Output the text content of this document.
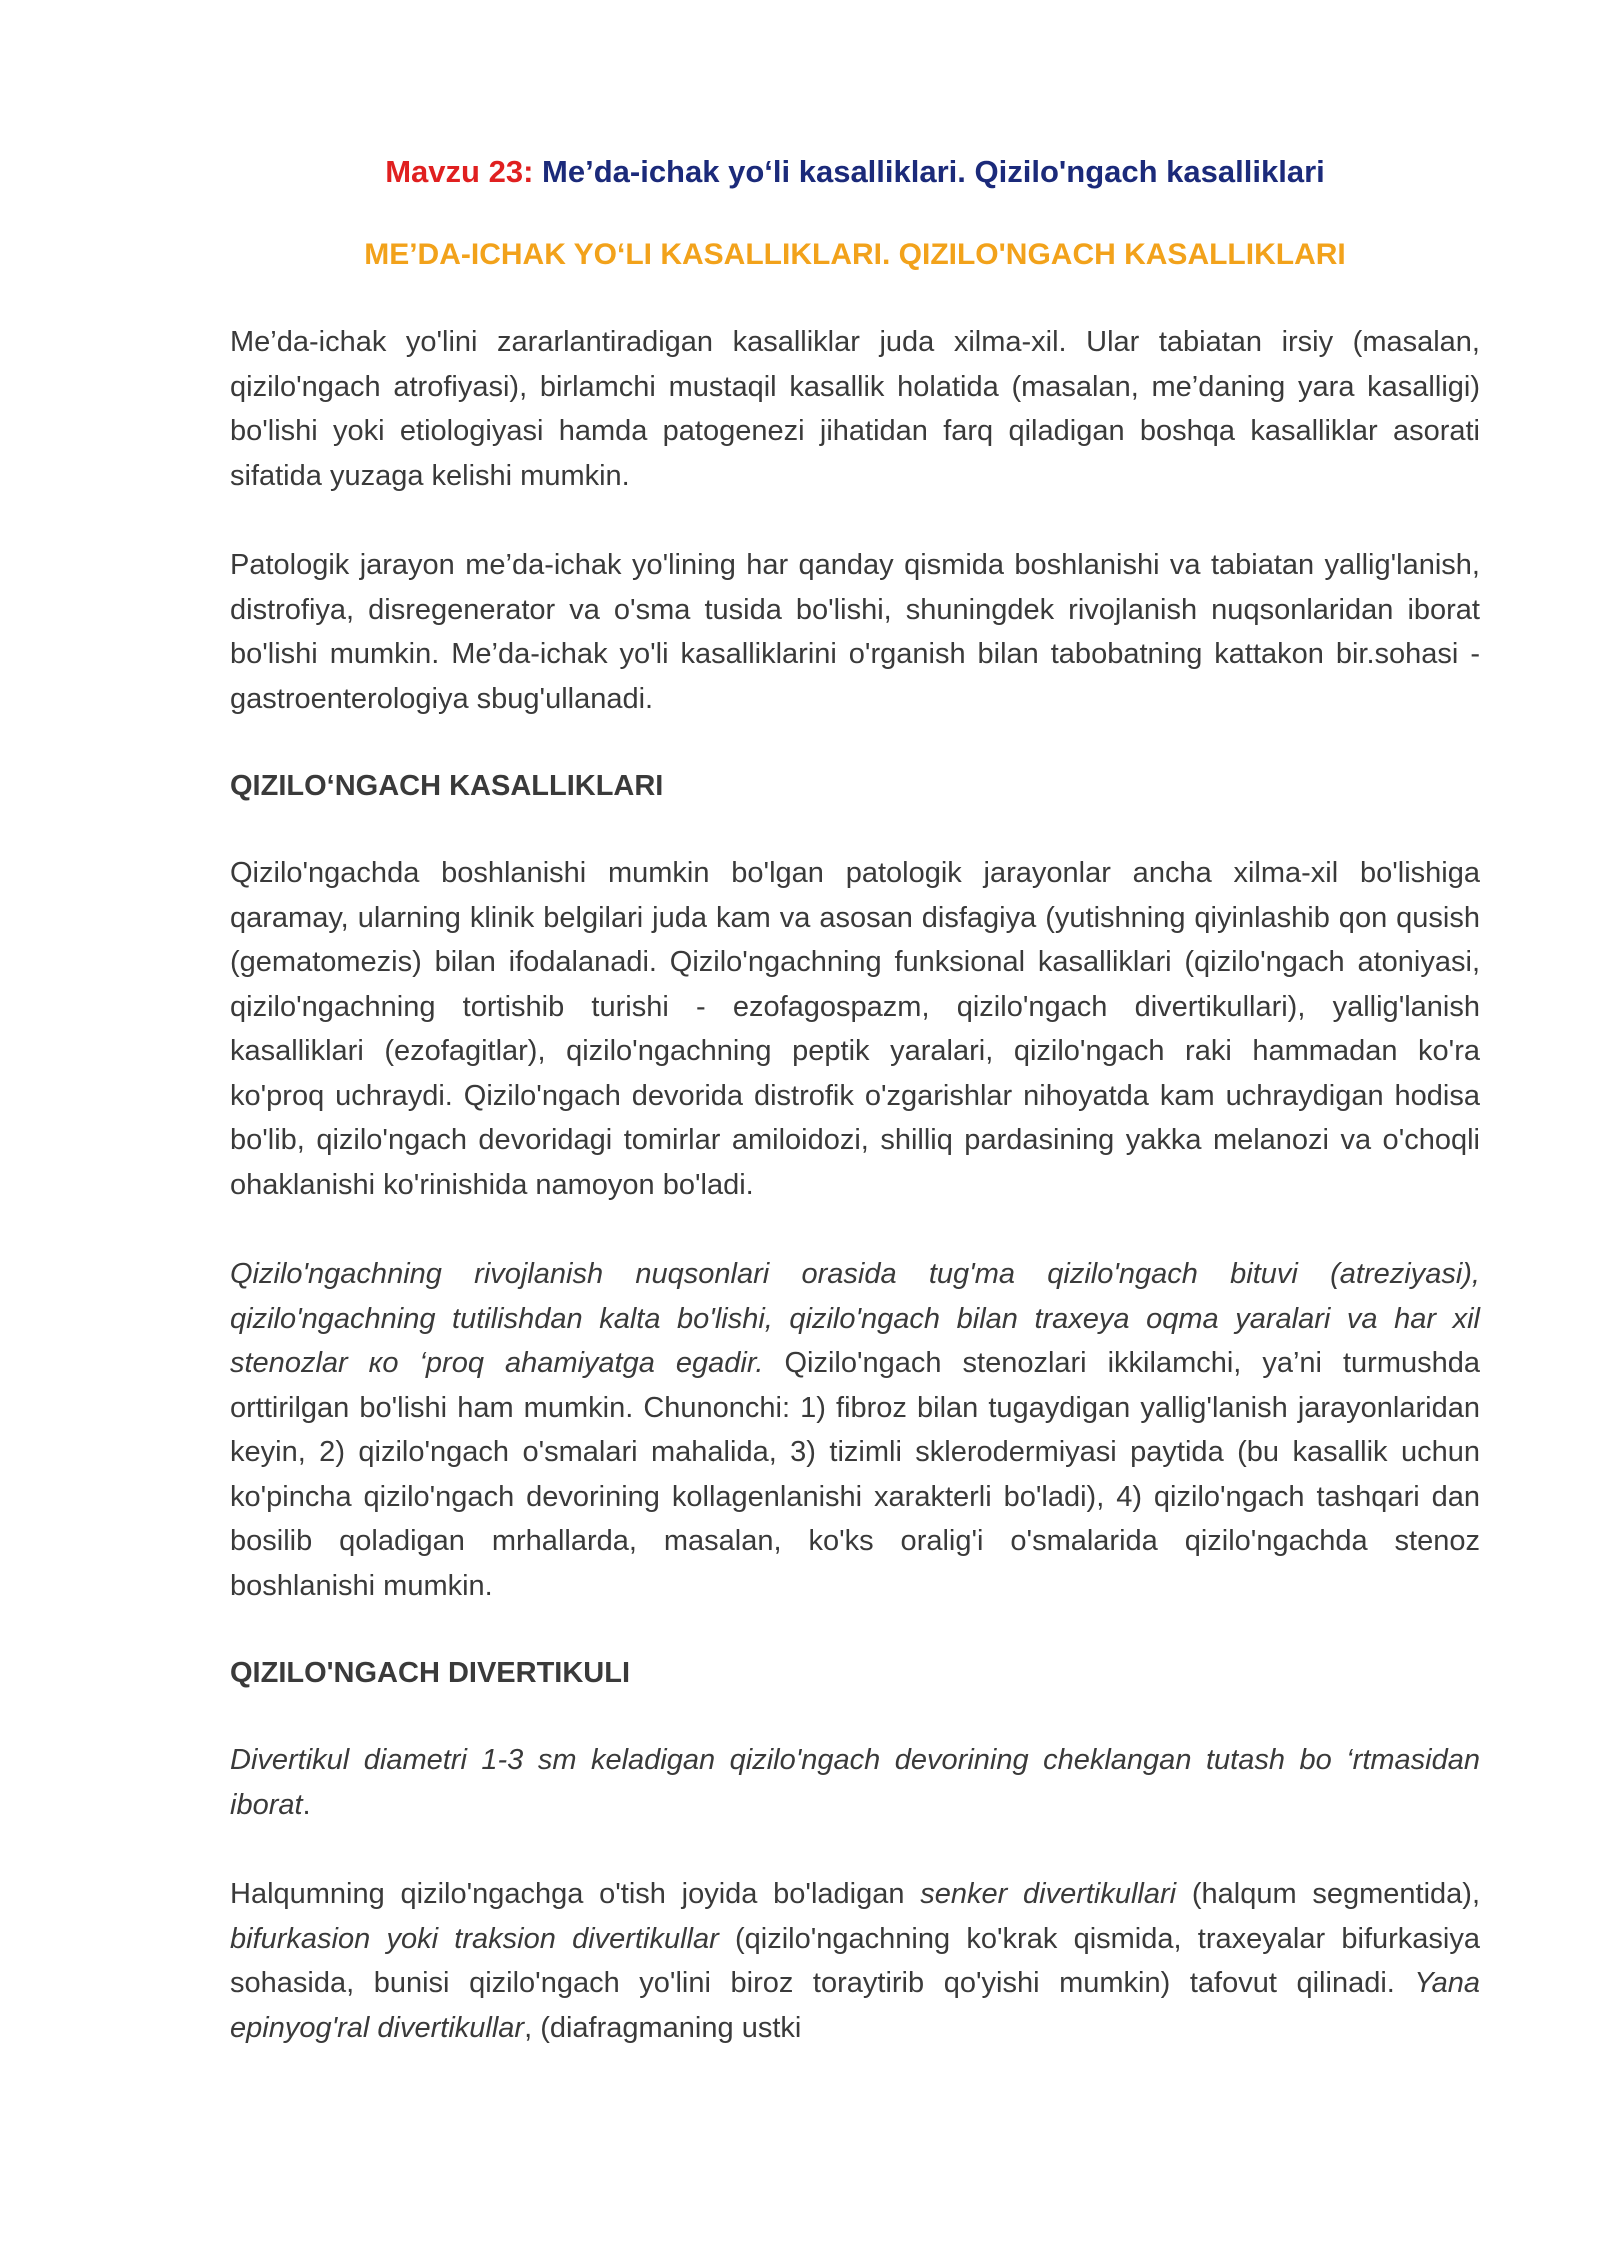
Mavzu 23: Me’da-ichak yo‘li kasalliklari. Qizilo'ngach kasalliklari
ME’DA-ICHAK YO‘LI KASALLIKLARI. QIZILO'NGACH KASALLIKLARI

Me’da-ichak yo'lini zararlantiradigan kasalliklar juda xilma-xil. Ular tabiatan irsiy (masalan, qizilo'ngach atrofiyasi), birlamchi mustaqil kasallik holatida (masalan, me’daning yara kasalligi) bo'lishi yoki etiologiyasi hamda patogenezi jihatidan farq qiladigan boshqa kasalliklar asorati sifatida yuzaga kelishi mumkin.

Patologik jarayon me’da-ichak yo'lining har qanday qismida boshlanishi va tabiatan yallig'lanish, distrofiya, disregenerator va o'sma tusida bo'lishi, shuningdek rivojlanish nuqsonlaridan iborat bo'lishi mumkin. Me’da-ichak yo'li kasalliklarini o'rganish bilan tabobatning kattakon bir.sohasi - gastroenterologiya sbug'ullanadi.

QIZILO‘NGACH KASALLIKLARI

Qizilo'ngachda boshlanishi mumkin bo'lgan patologik jarayonlar ancha xilma-xil bo'lishiga qaramay, ularning klinik belgilari juda kam va asosan disfagiya (yutishning qiyinlashib qon qusish (gematomezis) bilan ifodalanadi. Qizilo'ngachning funksional kasalliklari (qizilo'ngach atoniyasi, qizilo'ngachning tortishib turishi - ezofagospazm, qizilo'ngach divertikullari), yallig'lanish kasalliklari (ezofagitlar), qizilo'ngachning peptik yaralari, qizilo'ngach raki hammadan ko'ra ko'proq uchraydi. Qizilo'ngach devorida distrofik o'zgarishlar nihoyatda kam uchraydigan hodisa bo'lib, qizilo'ngach devoridagi tomirlar amiloidozi, shilliq pardasining yakka melanozi va o'choqli ohaklanishi ko'rinishida namoyon bo'ladi.

Qizilo'ngachning rivojlanish nuqsonlari orasida tug'ma qizilo'ngach bituvi (atreziyasi), qizilo'ngachning tutilishdan kalta bo'lishi, qizilo'ngach bilan traxeya oqma yaralari va har xil stenozlar ко ‘proq ahamiyatga egadir. Qizilo'ngach stenozlari ikkilamchi, ya’ni turmushda orttirilgan bo'lishi ham mumkin. Chunonchi: 1) fibroz bilan tugaydigan yallig'lanish jarayonlaridan keyin, 2) qizilo'ngach o'smalari mahalida, 3) tizimli sklerodermiyasi paytida (bu kasallik uchun ko'pincha qizilo'ngach devorining kollagenlanishi xarakterli bo'ladi), 4) qizilo'ngach tashqari dan bosilib qoladigan mrhallarda, masalan, ko'ks oralig'i o'smalarida qizilo'ngachda stenoz boshlanishi mumkin.

QIZILO'NGACH DIVERTIKULI

Divertikul diametri 1-3 sm keladigan qizilo'ngach devorining cheklangan tutash bo ‘rtmasidan iborat.

Halqumning qizilo'ngachga o'tish joyida bo'ladigan senker divertikullari (halqum segmentida), bifurkasion yoki traksion divertikullar (qizilo'ngachning ko'krak qismida, traxeyalar bifurkasiya sohasida, bunisi qizilo'ngach yo'lini biroz toraytirib qo'yishi mumkin) tafovut qilinadi. Yana epinyog'ral divertikullar, (diafragmaning ustki
